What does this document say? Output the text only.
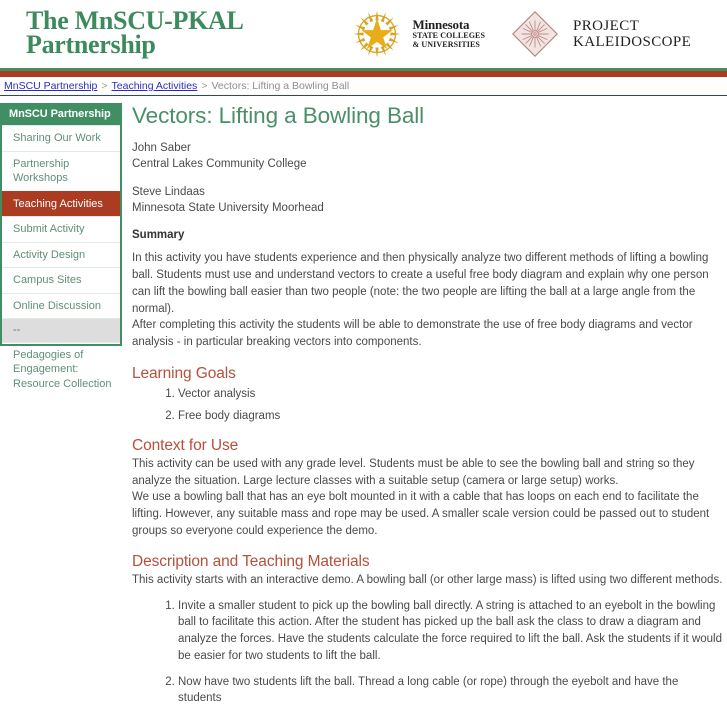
The MnSCU-PKAL
Partnership
Minnesota
STATE COLLEGES
& UNIVERSITIES
PROJECT
KALEIDOSCOPE
MnSCU Partnership > Teaching Activities > Vectors: Lifting a Bowling Ball
MnSCU Partnership
Sharing Our Work
Partnership Workshops
Teaching Activities
Submit Activity
Activity Design
Campus Sites
Online Discussion
--
Pedagogies of Engagement: Resource Collection
Vectors: Lifting a Bowling Ball
John Saber
Central Lakes Community College
Steve Lindaas
Minnesota State University Moorhead
Summary

In this activity you have students experience and then physically analyze two different methods of lifting a bowling ball. Students must use and understand vectors to create a useful free body diagram and explain why one person can lift the bowling ball easier than two people (note: the two people are lifting the ball at a large angle from the normal).

After completing this activity the students will be able to demonstrate the use of free body diagrams and vector analysis - in particular breaking vectors into components.

Learning Goals
1. Vector analysis
2. Free body diagrams
Context for Use

This activity can be used with any grade level. Students must be able to see the bowling ball and string so they analyze the situation. Large lecture classes with a suitable setup (camera or large setup) works.

We use a bowling ball that has an eye bolt mounted in it with a cable that has loops on each end to facilitate the lifting. However, any suitable mass and rope may be used. A smaller scale version could be passed out to student groups so everyone could experience the demo.

Description and Teaching Materials

This activity starts with an interactive demo. A bowling ball (or other large mass) is lifted using two different methods.

1. Invite a smaller student to pick up the bowling ball directly. A string is attached to an eyebolt in the bowling ball to facilitate this action. After the student has picked up the ball ask the class to draw a diagram and analyze the forces. Have the students calculate the force required to lift the ball. Ask the students if it would be easier for two students to lift the ball.
2. Now have two students lift the ball. Thread a long cable (or rope) through the eyebolt and have the students
